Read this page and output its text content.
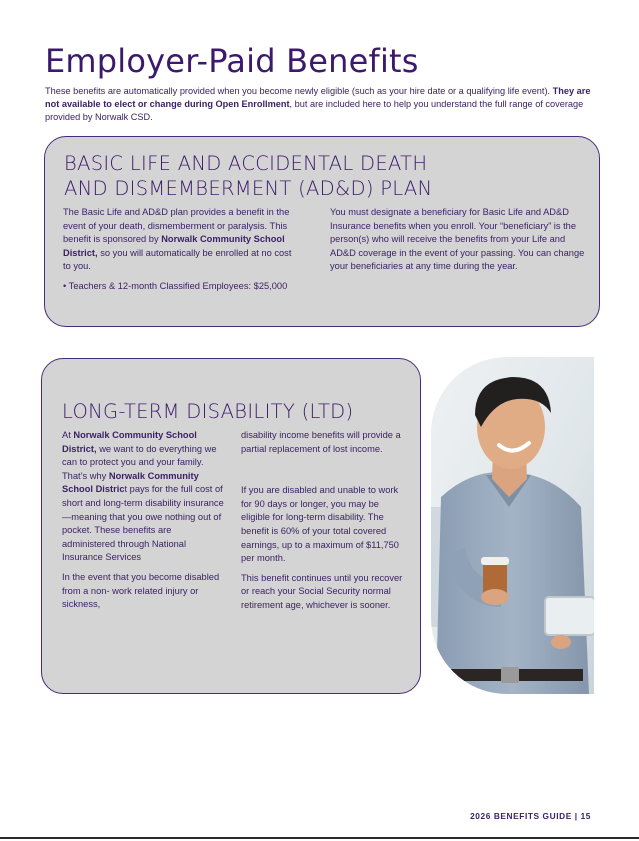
Employer-Paid Benefits
These benefits are automatically provided when you become newly eligible (such as your hire date or a qualifying life event). They are not available to elect or change during Open Enrollment, but are included here to help you understand the full range of coverage provided by Norwalk CSD.
BASIC LIFE AND ACCIDENTAL DEATH
AND DISMEMBERMENT (AD&D) PLAN

The Basic Life and AD&D plan provides a benefit in the event of your death, dismemberment or paralysis. This benefit is sponsored by Norwalk Community School District, so you will automatically be enrolled at no cost to you.

• Teachers & 12-month Classified Employees: $25,000

You must designate a beneficiary for Basic Life and AD&D Insurance benefits when you enroll. Your “beneficiary” is the person(s) who will receive the benefits from your Life and AD&D coverage in the event of your passing. You can change your beneficiaries at any time during the year.

LONG-TERM DISABILITY (LTD)

At Norwalk Community School District, we want to do everything we can to protect you and your family. That’s why Norwalk Community School District pays for the full cost of short and long-term disability insurance—meaning that you owe nothing out of pocket. These benefits are administered through National Insurance Services

In the event that you become disabled from a non- work related injury or sickness,

disability income benefits will provide a partial replacement of lost income.

If you are disabled and unable to work for 90 days or longer, you may be eligible for long-term disability. The benefit is 60% of your total covered earnings, up to a maximum of $11,750 per month.

This benefit continues until you recover or reach your Social Security normal retirement age, whichever is sooner.

2026 BENEFITS GUIDE | 15
